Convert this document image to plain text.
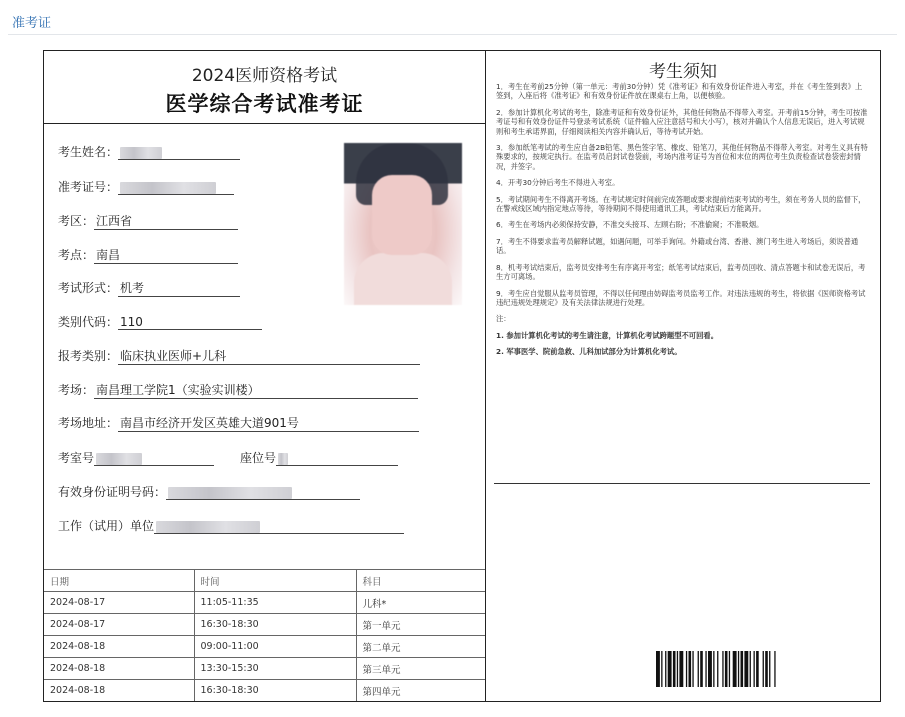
准考证
2024医师资格考试
医学综合考试准考证
考生姓名：
准考证号：
考区： 江西省
考点： 南昌
考试形式： 机考
类别代码： 110
报考类别： 临床执业医师+儿科
考场： 南昌理工学院1（实验实训楼）
考场地址： 南昌市经济开发区英雄大道901号
考室号	座位号
有效身份证明号码：
工作（试用）单位
日期	时间	科目
2024-08-17	11:05-11:35	儿科*
2024-08-17	16:30-18:30	第一单元
2024-08-18	09:00-11:00	第二单元
2024-08-18	13:30-15:30	第三单元
2024-08-18	16:30-18:30	第四单元
考生须知

1．考生在考前25分钟（第一单元：考前30分钟）凭《准考证》和有效身份证件进入考室，并在《考生签到表》上签到，入座后将《准考证》和有效身份证件放在课桌右上角，以便核验。

2．参加计算机化考试的考生，除准考证和有效身份证外，其他任何物品不得带入考室。开考前15分钟，考生可按准考证号和有效身份证件号登录考试系统（证件输入应注意括号和大小写），核对并确认个人信息无误后，进入考试规则和考生承诺界面，仔细阅读相关内容并确认后，等待考试开始。

3．参加纸笔考试的考生应自备2B铅笔、黑色签字笔、橡皮、铅笔刀，其他任何物品不得带入考室。对考生义具有特殊要求的，按规定执行。在监考员启封试卷袋前，考场内准考证号为首位和末位的两位考生负责检查试卷袋密封情况，并签字。

4．开考30分钟后考生不得进入考室。

5．考试期间考生不得离开考场。在考试规定时间前完成答题或要求提前结束考试的考生，须在考务人员的监督下，在警戒线区域内指定地点等待，等待期间不得使用通讯工具，考试结束后方能离开。

6．考生在考场内必须保持安静，不准交头接耳、左顾右盼；不准偷窥；不准吸烟。

7．考生不得要求监考员解释试题，如遇问题，可举手询问。外籍或台湾、香港、澳门考生进入考场后，须说普通话。

8．机考考试结束后，监考员安排考生有序离开考室；纸笔考试结束后，监考员回收、清点答题卡和试卷无误后，考生方可离场。

9．考生应自觉服从监考员管理，不得以任何理由妨碍监考员监考工作。对违法违规的考生，将依据《医师资格考试违纪违规处理规定》及有关法律法规进行处理。

注：

1. 参加计算机化考试的考生请注意，计算机化考试跨题型不可回看。

2. 军事医学、院前急救、儿科加试部分为计算机化考试。
